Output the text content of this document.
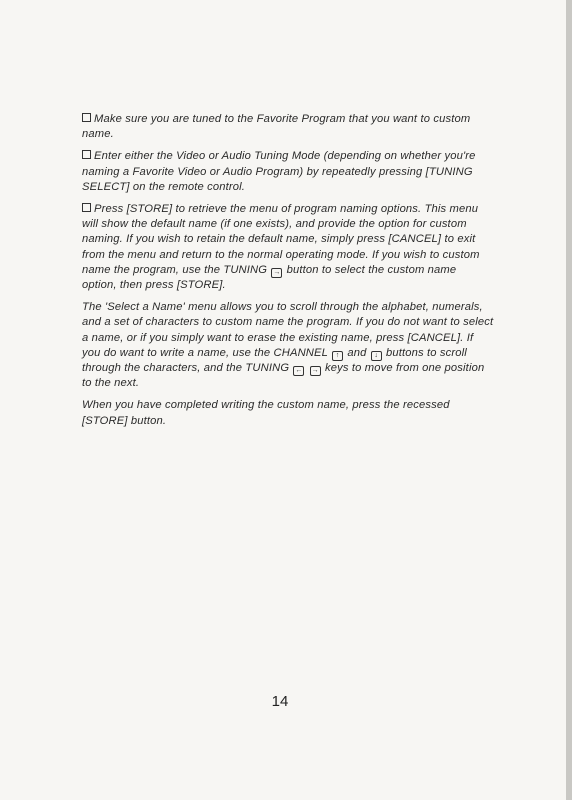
Make sure you are tuned to the Favorite Program that you want to custom name.

Enter either the Video or Audio Tuning Mode (depending on whether you're naming a Favorite Video or Audio Program) by repeatedly pressing [TUNING SELECT] on the remote control.

Press [STORE] to retrieve the menu of program naming options. This menu will show the default name (if one exists), and provide the option for custom naming. If you wish to retain the default name, simply press [CANCEL] to exit from the menu and return to the normal operating mode. If you wish to custom name the program, use the TUNING → button to select the custom name option, then press [STORE].

The 'Select a Name' menu allows you to scroll through the alphabet, numerals, and a set of characters to custom name the program. If you do not want to select a name, or if you simply want to erase the existing name, press [CANCEL]. If you do want to write a name, use the CHANNEL ↑ and ↓ buttons to scroll through the characters, and the TUNING ← → keys to move from one position to the next.

When you have completed writing the custom name, press the recessed [STORE] button.

14
